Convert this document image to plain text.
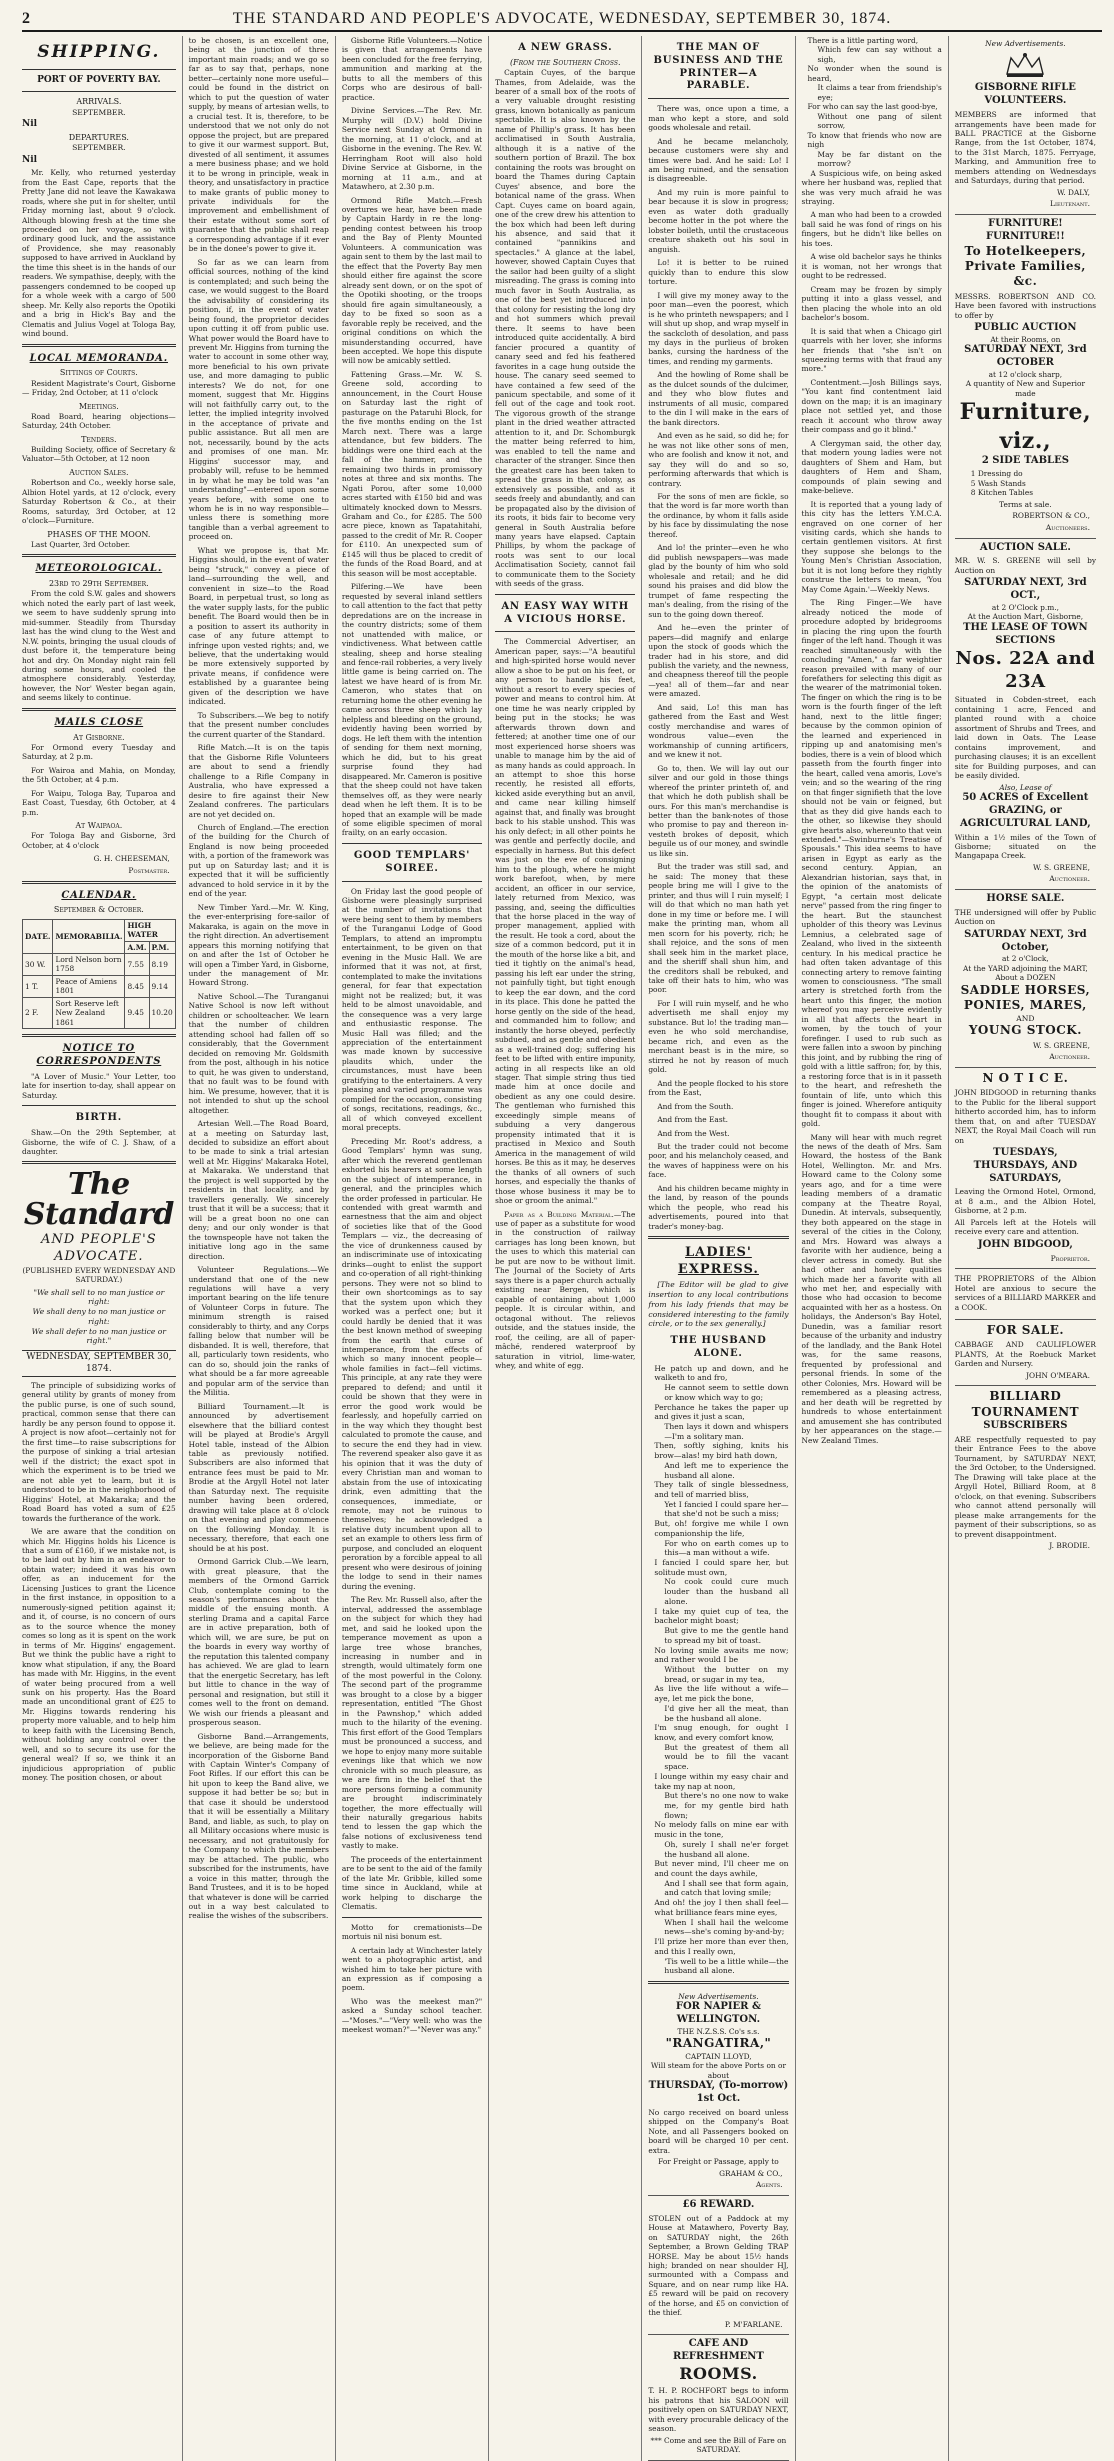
2	THE STANDARD AND PEOPLE'S ADVOCATE, WEDNESDAY, SEPTEMBER 30, 1874.
SHIPPING.
PORT OF POVERTY BAY.
ARRIVALS.
SEPTEMBER.
Nil
DEPARTURES.
SEPTEMBER.
Nil

Mr. Kelly, who returned yesterday from the East Cape, reports that the Pretty Jane did not leave the Kawakawa roads, where she put in for shelter, until Friday morning last, about 9 o'clock. Although blowing fresh at the time she proceeded on her voyage, so with ordinary good luck, and the assistance of Providence, she may reasonably supposed to have arrived in Auckland by the time this sheet is in the hands of our readers. We sympathise, deeply, with the passengers condemned to be cooped up for a whole week with a cargo of 500 sheep. Mr. Kelly also reports the Opotiki and a brig in Hick's Bay and the Clematis and Julius Vogel at Tologa Bay, wind bound.

LOCAL MEMORANDA.
Sittings of Courts.

Resident Magistrate's Court, Gisborne — Friday, 2nd October, at 11 o'clock

Meetings.

Road Board, hearing objections—Saturday, 24th October.

Tenders.

Building Society, office of Secretary & Valuator—5th October, at 12 noon

Auction Sales.

Robertson and Co., weekly horse sale, Albion Hotel yards, at 12 o'clock, every Saturday Robertson & Co., at their Rooms, saturday, 3rd October, at 12 o'clock—Furniture.

PHASES OF THE MOON.

Last Quarter, 3rd October.

METEOROLOGICAL.
23rd to 29th September.

From the cold S.W. gales and showers which noted the early part of last week, we seem to have suddenly sprung into mid-summer. Steadily from Thursday last has the wind clung to the West and N.W. points, bringing the usual clouds of dust before it, the temperature being hot and dry. On Monday night rain fell during some hours, and cooled the atmosphere considerably. Yesterday, however, the Nor' Wester began again, and seems likely to continue.

MAILS CLOSE
At Gisborne.

For Ormond every Tuesday and Saturday, at 2 p.m.

For Wairoa and Mahia, on Monday, the 5th October, at 4 p.m.

For Waipu, Tologa Bay, Tuparoa and East Coast, Tuesday, 6th October, at 4 p.m.

At Waipaoa.

For Tologa Bay and Gisborne, 3rd October, at 4 o'clock

G. H. CHEESEMAN,
Postmaster.
CALENDAR.
September & October.
DATE.	MEMORABILIA.	HIGH WATER	
		A.M.	P.M.
30 W.	Lord Nelson born 1758	7.55	8.19
1 T.	Peace of Amiens 1801	8.45	9.14
2 F.	Sort Reserve left New Zealand 1861	9.45	10.20
NOTICE TO CORRESPONDENTS

"A Lover of Music." Your Letter, too late for insertion to-day, shall appear on Saturday.

BIRTH.

Shaw.—On the 29th September, at Gisborne, the wife of C. J. Shaw, of a daughter.

The Standard
AND PEOPLE'S ADVOCATE.
(PUBLISHED EVERY WEDNESDAY AND SATURDAY.)
"We shall sell to no man justice or right:
We shall deny to no man justice or right:
We shall defer to no man justice or right."
WEDNESDAY, SEPTEMBER 30, 1874.

The principle of subsidizing works of general utility by grants of money from the public purse, is one of such sound, practical, common sense that there can hardly be any person found to oppose it. A project is now afoot—certainly not for the first time—to raise subscriptions for the purpose of sinking a trial artesian well if the district; the exact spot in which the experiment is to be tried we are not able yet to learn, but it is understood to be in the neighborhood of Higgins' Hotel, at Makaraka; and the Road Board has voted a sum of £25 towards the furtherance of the work.

We are aware that the condition on which Mr. Higgins holds his Licence is that a sum of £160, if we mistake not, is to be laid out by him in an endeavor to obtain water; indeed it was his own offer, as an inducement for the Licensing Justices to grant the Licence in the first instance, in opposition to a numerously-signed petition against it; and it, of course, is no concern of ours as to the source whence the money comes so long as it is spent on the work in terms of Mr. Higgins' engagement. But we think the public have a right to know what stipulation, if any, the Board has made with Mr. Higgins, in the event of water being procured from a well sunk on his property. Has the Board made an unconditional grant of £25 to Mr. Higgins towards rendering his property more valuable, and to help him to keep faith with the Licensing Bench, without holding any control over the well, and so to secure its use for the general weal? If so, we think it an injudicious appropriation of public money. The position chosen, or about

to be chosen, is an excellent one, being at the junction of three important main roads; and we go so far as to say that, perhaps, none better—certainly none more useful—could be found in the district on which to put the question of water supply, by means of artesian wells, to a crucial test. It is, therefore, to be understood that we not only do not oppose the project, but are prepared to give it our warmest support. But, divested of all sentiment, it assumes a mere business phase; and we hold it to be wrong in principle, weak in theory, and unsatisfactory in practice to make grants of public money to private individuals for the improvement and embellishment of their estate without some sort of guarantee that the public shall reap a corresponding advantage if it ever be in the donee's power to give it.

So far as we can learn from official sources, nothing of the kind is contemplated; and such being the case, we would suggest to the Board the advisability of considering its position, if, in the event of water being found, the proprietor decides upon cutting it off from public use. What power would the Board have to prevent Mr. Higgins from turning the water to account in some other way, more beneficial to his own private use, and more damaging to public interests? We do not, for one moment, suggest that Mr. Higgins will not faithfully carry out, to the letter, the implied integrity involved in the acceptance of private and public assistance. But all men are not, necessarily, bound by the acts and promises of one man. Mr. Higgins' successor may, and probably will, refuse to be hemmed in by what he may be told was "an understanding"—entered upon some years before, with some one to whom he is in no way responsible—unless there is something more tangible than a verbal agreement to proceed on.

What we propose is, that Mr. Higgins should, in the event of water being "struck," convey a piece of land—surrounding the well, and convenient in size—to the Road Board, in perpetual trust, so long as the water supply lasts, for the public benefit. The Board would then be in a position to assert its authority in case of any future attempt to infringe upon vested rights; and, we believe, that the undertaking would be more extensively supported by private means, if confidence were established by a guarantee being given of the description we have indicated.

To Subscribers.—We beg to notify that the present number concludes the current quarter of the Standard.

Rifle Match.—It is on the tapis that the Gisborne Rifle Volunteers are about to send a friendly challenge to a Rifle Company in Australia, who have expressed a desire to fire against their New Zealand confreres. The particulars are not yet decided on.

Church of England.—The erection of the building for the Church of England is now being proceeded with, a portion of the framework was put up on Saturday last; and it is expected that it will be sufficiently advanced to hold service in it by the end of the year.

New Timber Yard.—Mr. W. King, the ever-enterprising fore-sailor of Makaraka, is again on the move in the right direction. An advertisement appears this morning notifying that on and after the 1st of October he will open a Timber Yard, in Gisborne, under the management of Mr. Howard Strong.

Native School.—The Turanganui Native School is now left without children or schoolteacher. We learn that the number of children attending school had fallen off so considerably, that the Government decided on removing Mr. Goldsmith from the post, although in his notice to quit, he was given to understand, that no fault was to be found with him. We presume, however, that it is not intended to shut up the school altogether.

Artesian Well.—The Road Board, at a meeting on Saturday last, decided to subsidize an effort about to be made to sink a trial artesian well at Mr. Higgins' Makaraka Hotel, at Makaraka. We understand that the project is well supported by the residents in that locality, and by travellers generally. We sincerely trust that it will be a success; that it will be a great boon no one can deny; and our only wonder is that the townspeople have not taken the initiative long ago in the same direction.

Volunteer Regulations.—We understand that one of the new regulations will have a very important bearing on the life tenure of Volunteer Corps in future. The minimum strength is raised considerably to thirty, and any Corps falling below that number will be disbanded. It is well, therefore, that all, particularly town residents, who can do so, should join the ranks of what should be a far more agreeable and popular arm of the service than the Militia.

Billiard Tournament.—It is announced by advertisement elsewhere that the billiard contest will be played at Brodie's Argyll Hotel table, instead of the Albion table as previously notified. Subscribers are also informed that entrance fees must be paid to Mr. Brodie at the Argyll Hotel not later than Saturday next. The requisite number having been ordered, drawing will take place at 8 o'clock on that evening and play commence on the following Monday. It is necessary, therefore, that each one should be at his post.

Ormond Garrick Club.—We learn, with great pleasure, that the members of the Ormond Garrick Club, contemplate coming to the season's performances about the middle of the ensuing month. A sterling Drama and a capital Farce are in active preparation, both of which will, we are sure, be put on the boards in every way worthy of the reputation this talented company has achieved. We are glad to learn that the energetic Secretary, has left but little to chance in the way of personal and resignation, but still it comes well to the front on demand. We wish our friends a pleasant and prosperous season.

Gisborne Band.—Arrangements, we believe, are being made for the incorporation of the Gisborne Band with Captain Winter's Company of Foot Rifles. If our effort this can be hit upon to keep the Band alive, we suppose it had better be so; but in that case it should be understood that it will be essentially a Military Band, and liable, as such, to play on all Military occasions where music is necessary, and not gratuitously for the Company to which the members may be attached. The public, who subscribed for the instruments, have a voice in this matter, through the Band Trustees, and it is to be hoped that whatever is done will be carried out in a way best calculated to realise the wishes of the subscribers.

Gisborne Rifle Volunteers.—Notice is given that arrangements have been concluded for the free ferrying, ammunition and marking at the butts to all the members of this Corps who are desirous of ball-practice.

Divine Services.—The Rev. Mr. Murphy will (D.V.) hold Divine Service next Sunday at Ormond in the morning, at 11 o'clock, and at Gisborne in the evening. The Rev. W. Herringham Root will also hold Divine Service at Gisborne, in the morning at 11 a.m., and at Matawhero, at 2.30 p.m.

Ormond Rifle Match.—Fresh overtures we hear, have been made by Captain Hardy in re the long-pending contest between his troop and the Bay of Plenty Mounted Volunteers. A communication was again sent to them by the last mail to the effect that the Poverty Bay men should either fire against the score already sent down, or on the spot of the Opotiki shooting, or the troops should fire again simultaneously, a day to be fixed so soon as a favorable reply be received, and the original conditions on which the misunderstanding occurred, have been accepted. We hope this dispute will now be amicably settled.

Fattening Grass.—Mr. W. S. Greene sold, according to announcement, in the Court House on Saturday last the right of pasturage on the Pataruhi Block, for the five months ending on the 1st March next. There was a large attendance, but few bidders. The biddings were one third each at the fall of the hammer, and the remaining two thirds in promissory notes at three and six months. The Ngati Porou, after some 10,000 acres started with £150 bid and was ultimately knocked down to Messrs. Graham and Co., for £285. The 500 acre piece, known as Tapatahitahi, passed to the credit of Mr. R. Cooper for £110. An unexpected sum of £145 will thus be placed to credit of the funds of the Road Board, and at this season will be most acceptable.

Pilfering.—We have been requested by several inland settlers to call attention to the fact that petty depredations are on the increase in the country districts; some of them not unattended with malice, or vindictiveness. What between cattle stealing, sheep and horse stealing and fence-rail robberies, a very lively little game is being carried on. The latest we have heard of is from Mr. Cameron, who states that on returning home the other evening he came across three sheep which lay helpless and bleeding on the ground, evidently having been worried by dogs. He left them with the intention of sending for them next morning, which he did, but to his great surprise found they had disappeared. Mr. Cameron is positive that the sheep could not have taken themselves off, as they were nearly dead when he left them. It is to be hoped that an example will be made of some eligible specimen of moral frailty, on an early occasion.

GOOD TEMPLARS' SOIREE.

On Friday last the good people of Gisborne were pleasingly surprised at the number of invitations that were being sent to them by members of the Turanganui Lodge of Good Templars, to attend an impromptu entertainment, to be given on that evening in the Music Hall. We are informed that it was not, at first, contemplated to make the invitations general, for fear that expectation might not be realized; but, it was held to be almost unavoidable, and the consequence was a very large and enthusiastic response. The Music Hall was filled; and the appreciation of the entertainment was made known by successive plaudits which, under the circumstances, must have been gratifying to the entertainers. A very pleasing and varied programme was compiled for the occasion, consisting of songs, recitations, readings, &c., all of which conveyed excellent moral precepts.

Preceding Mr. Root's address, a Good Templars' hymn was sung, after which the reverend gentleman exhorted his hearers at some length on the subject of intemperance, in general, and the principles which the order professed in particular. He contended with great warmth and earnestness that the aim and object of societies like that of the Good Templars — viz., the decreasing of the vice of drunkenness caused by an indiscriminate use of intoxicating drinks—ought to enlist the support and co-operation of all right-thinking persons. They were not so blind to their own shortcomings as to say that the system upon which they worked was a perfect one; but it could hardly be denied that it was the best known method of sweeping from the earth that curse of intemperance, from the effects of which so many innocent people—whole families in fact—fell victims. This principle, at any rate they were prepared to defend; and until it could be shown that they were in error the good work would be fearlessly, and hopefully carried on in the way which they thought best calculated to promote the cause, and to secure the end they had in view. The reverend speaker also gave it as his opinion that it was the duty of every Christian man and woman to abstain from the use of intoxicating drink, even admitting that the consequences, immediate, or remote, may not be ruinous to themselves; he acknowledged a relative duty incumbent upon all to set an example to others less firm of purpose, and concluded an eloquent peroration by a forcible appeal to all present who were desirous of joining the lodge to send in their names during the evening.

The Rev. Mr. Russell also, after the interval, addressed the assemblage on the subject for which they had met, and said he looked upon the temperance movement as upon a large tree whose branches, increasing in number and in strength, would ultimately form one of the most powerful in the Colony. The second part of the programme was brought to a close by a bigger representation, entitled "The Ghost in the Pawnshop," which added much to the hilarity of the evening. This first effort of the Good Templars must be pronounced a success, and we hope to enjoy many more suitable evenings like that which we now chronicle with so much pleasure, as we are firm in the belief that the more persons forming a community are brought indiscriminately together, the more effectually will their naturally gregarious habits tend to lessen the gap which the false notions of exclusiveness tend vastly to make.

The proceeds of the entertainment are to be sent to the aid of the family of the late Mr. Gribble, killed some time since in Auckland, while at work helping to discharge the Clematis.

Motto for cremationists—De mortuis nil nisi bonum est.

A certain lady at Winchester lately went to a photographic artist, and wished him to take her picture with an expression as if composing a poem.

Who was the meekest man?" asked a Sunday school teacher.—"Moses."—"Very well: who was the meekest woman?"—"Never was any."

A NEW GRASS.
(From the Southern Cross.

Captain Cuyes, of the barque Thames, from Adelaide, was the bearer of a small box of the roots of a very valuable drought resisting grass, known botanically as panicum spectabile. It is also known by the name of Phillip's grass. It has been acclimatised in South Australia, although it is a native of the southern portion of Brazil. The box containing the roots was brought on board the Thames during Captain Cuyes' absence, and bore the botanical name of the grass. When Capt. Cuyes came on board again, one of the crew drew his attention to the box which had been left during his absence, and said that it contained "pannikins and spectacles." A glance at the label, however, showed Captain Cuyes that the sailor had been guilty of a slight misreading. The grass is coming into much favor in South Australia, as one of the best yet introduced into that colony for resisting the long dry and hot summers which prevail there. It seems to have been introduced quite accidentally. A bird fancier procured a quantity of canary seed and fed his feathered favorites in a cage hung outside the house. The canary seed seemed to have contained a few seed of the panicum spectabile, and some of it fell out of the cage and took root. The vigorous growth of the strange plant in the dried weather attracted attention to it, and Dr. Schomburgk the matter being referred to him, was enabled to tell the name and character of the stranger. Since then the greatest care has been taken to spread the grass in that colony, as extensively as possible, and as it seeds freely and abundantly, and can be propagated also by the division of its roots, it bids fair to become very general in South Australia before many years have elapsed. Captain Phillips, by whom the package of roots was sent to our local Acclimatisation Society, cannot fail to communicate them to the Society with seeds of the grass.

AN EASY WAY WITH A VICIOUS HORSE.

The Commercial Advertiser, an American paper, says:—"A beautiful and high-spirited horse would never allow a shoe to be put on his feet, or any person to handle his feet, without a resort to every species of power and means to control him. At one time he was nearly crippled by being put in the stocks; he was afterwards thrown down and fettered; at another time one of our most experienced horse shoers was unable to manage him by the aid of as many hands as could approach. In an attempt to shoe this horse recently, he resisted all efforts, kicked aside everything but an anvil, and came near killing himself against that, and finally was brought back to his stable unshod. This was his only defect; in all other points he was gentle and perfectly docile, and especially in harness. But this defect was just on the eve of consigning him to the plough, where he might work barefoot, when, by mere accident, an officer in our service, lately returned from Mexico, was passing, and, seeing the difficulties that the horse placed in the way of proper management, applied with the result. He took a cord, about the size of a common bedcord, put it in the mouth of the horse like a bit, and tied it tightly on the animal's head, passing his left ear under the string, not painfully tight, but tight enough to keep the ear down, and the cord in its place. This done he patted the horse gently on the side of the head, and commanded him to follow; and instantly the horse obeyed, perfectly subdued, and as gentle and obedient as a well-trained dog; suffering his feet to be lifted with entire impunity, acting in all respects like an old stager. That simple string thus tied made him at once docile and obedient as any one could desire. The gentleman who furnished this exceedingly simple means of subduing a very dangerous propensity intimated that it is practised in Mexico and South America in the management of wild horses. Be this as it may, he deserves the thanks of all owners of such horses, and especially the thanks of those whose business it may be to shoe or groom the animal."

Paper as a Building Material.—The use of paper as a substitute for wood in the construction of railway carriages has long been known, but the uses to which this material can be put are now to be without limit. The Journal of the Society of Arts says there is a paper church actually existing near Bergen, which is capable of containing about 1,000 people. It is circular within, and octagonal without. The relievos outside, and the statues inside, the roof, the ceiling, are all of paper-mâché, rendered waterproof by saturation in vitriol, lime-water, whey, and white of egg.

THE MAN OF BUSINESS AND THE PRINTER—A PARABLE.

There was, once upon a time, a man who kept a store, and sold goods wholesale and retail.

And he became melancholy, because customers were shy and times were bad. And he said: Lo! I am being ruined, and the sensation is disagreeable.

And my ruin is more painful to bear because it is slow in progress; even as water doth gradually become hotter in the pot where the lobster boileth, until the crustaceous creature shaketh out his soul in anguish.

Lo! it is better to be ruined quickly than to endure this slow torture.

I will give my money away to the poor man—even the poorest, which is he who printeth newspapers; and I will shut up shop, and wrap myself in the sackcloth of desolation, and pass my days in the purlieus of broken banks, cursing the hardness of the times, and rending my garments.

And the howling of Rome shall be as the dulcet sounds of the dulcimer, and they who blow flutes and instruments of all music, compared to the din I will make in the ears of the bank directors.

And even as he said, so did he; for he was not like other sons of men, who are foolish and know it not, and say they will do and so so, performing afterwards that which is contrary.

For the sons of men are fickle, so that the word is far more worth than the ordinance, by whom it falls aside by his face by dissimulating the nose thereof.

And lo! the printer—even he who did publish newspapers—was made glad by the bounty of him who sold wholesale and retail; and he did sound his praises and did blow the trumpet of fame respecting the man's dealing, from the rising of the sun to the going down thereof.

And he—even the printer of papers—did magnify and enlarge upon the stock of goods which the trader had in his store, and did publish the variety, and the newness, and cheapness thereof till the people—yea! all of them—far and near were amazed.

And said, Lo! this man has gathered from the East and West costly merchandise and wares of wondrous value—even the workmanship of cunning artificers, and we knew it not.

Go to, then. We will lay out our silver and our gold in those things whereof the printer printeth of, and that which he doth publish shall be ours. For this man's merchandise is better than the bank-notes of those who promise to pay and thereon in-vesteth brokes of deposit, which beguile us of our money, and swindle us like sin.

But the trader was still sad, and he said: The money that these people bring me will I give to the printer, and thus will I ruin myself; I will do that which no man hath yet done in my time or before me. I will make the printing man, whom all men scorn for his poverty, rich; he shall rejoice, and the sons of men shall seek him in the market place, and the sheriff shall shun him, and the creditors shall be rebuked, and take off their hats to him, who was poor.

For I will ruin myself, and he who advertiseth me shall enjoy my substance. But lo! the trading man—even he who sold merchandise, became rich, and even as the merchant beast is in the mire, so stirred he not by reason of much gold.

And the people flocked to his store from the East,

And from the South.

And from the East.

And from the West.

But the trader could not become poor, and his melancholy ceased, and the waves of happiness were on his face.

And his children became mighty in the land, by reason of the pounds which the people, who read his advertisements, poured into that trader's money-bag.

LADIES' EXPRESS.

[The Editor will be glad to give insertion to any local contributions from his lady friends that may be considered interesting to the family circle, or to the sex generally.]

THE HUSBAND ALONE.
He patch up and down, and he walketh to and fro,
He cannot seem to settle down or know which way to go;
Perchance he takes the paper up and gives it just a scan,
Then lays it down and whispers—I'm a solitary man.
Then, softly sighing, knits his brow—alas! my bird hath down,
And left me to experience the husband all alone.
They talk of single blessedness, and tell of married bliss,
Yet I fancied I could spare her—that she'd not be such a miss;
But, oh! forgive me while I own companionship the life,
For who on earth comes up to this—a man without a wife.
I fancied I could spare her, but solitude must own,
No cook could cure much louder than the husband all alone.
I take my quiet cup of tea, the bachelor might boast;
But give to me the gentle hand to spread my bit of toast.
No loving smile awaits me now; and rather would I be
Without the butter on my bread, or sugar in my tea,
As live the life without a wife—aye, let me pick the bone,
I'd give her all the meat, than be the husband all alone.
I'm snug enough, for ought I know, and every comfort know,
But the greatest of them all would be to fill the vacant space.
I lounge within my easy chair and take my nap at noon,
But there's no one now to wake me, for my gentle bird hath flown;
No melody falls on mine ear with music in the tone,
Oh, surely I shall ne'er forget the husband all alone.
But never mind, I'll cheer me on and count the days awhile,
And I shall see that form again, and catch that loving smile;
And oh! the joy I then shall feel—what brilliance fears mine eyes,
When I shall hail the welcome news—she's coming by-and-by;
I'll prize her more than ever then, and this I really own,
'Tis well to be a little while—the husband all alone.
New Advertisements.
FOR NAPIER & WELLINGTON.
THE N.Z.S.S. Co's s.s.
"RANGATIRA,"
CAPTAIN LLOYD,
Will steam for the above Ports on or about
THURSDAY, (To-morrow) 1st Oct.

No cargo received on board unless shipped on the Company's Boat Note, and all Passengers booked on board will be charged 10 per cent. extra.

For Freight or Passage, apply to
GRAHAM & CO.,
Agents.
£6 REWARD.

STOLEN out of a Paddock at my House at Matawhero, Poverty Bay, on SATURDAY night, the 26th September, a Brown Gelding TRAP HORSE. May be about 15½ hands high; branded on near shoulder HJ, surmounted with a Compass and Square, and on near rump like HA. £5 reward will be paid on recovery of the horse, and £5 on conviction of the thief.

P. M'FARLANE.
CAFE AND REFRESHMENT
ROOMS.

T. H. P. ROCHFORT begs to inform his patrons that his SALOON will positively open on SATURDAY NEXT, with every procurable delicacy of the season.

*** Come and see the Bill of Fare on SATURDAY.
There is a little parting word,
Which few can say without a sigh,
No wonder when the sound is heard,
It claims a tear from friendship's eye;
For who can say the last good-bye,
Without one pang of silent sorrow,
To know that friends who now are nigh
May be far distant on the morrow?

A Suspicious wife, on being asked where her husband was, replied that she was very much afraid he was straying.

A man who had been to a crowded ball said he was fond of rings on his fingers, but he didn't like belles on his toes.

A wise old bachelor says he thinks it is woman, not her wrongs that ought to be redressed.

Cream may be frozen by simply putting it into a glass vessel, and then placing the whole into an old bachelor's bosom.

It is said that when a Chicago girl quarrels with her lover, she informs her friends that "she isn't on squeezing terms with that fraud any more."

Contentment.—Josh Billings says, "You kant find contentment laid down on the map; it is an imaginary place not settled yet, and those reach it account who throw away their compass and go it blind."

A Clergyman said, the other day, that modern young ladies were not daughters of Shem and Ham, but daughters of Hem and Sham, compounds of plain sewing and make-believe.

It is reported that a young lady of this city has the letters Y.M.C.A. engraved on one corner of her visiting cards, which she hands to certain gentlemen visitors. At first they suppose she belongs to the Young Men's Christian Association, but it is not long before they rightly construe the letters to mean, 'You May Come Again.'—Weekly News.

The Ring Finger.—We have already noticed the mode of procedure adopted by bridegrooms in placing the ring upon the fourth finger of the left hand. Though it was reached simultaneously with the concluding "Amen," a far weightier reason prevailed with many of our forefathers for selecting this digit as the wearer of the matrimonial token. The finger on which the ring is to be worn is the fourth finger of the left hand, next to the little finger; because by the common opinion of the learned and experienced in ripping up and anatomising men's bodies, there is a vein of blood which passeth from the fourth finger into the heart, called vena amoris, Love's vein; and so the wearing of the ring on that finger signifieth that the love should not be vain or feigned, but that as they did give hands each to the other, so likewise they should give hearts also, whereunto that vein extended."—Swinburne's Treatise of Spousals." This idea seems to have arisen in Egypt as early as the second century. Appian, an Alexandrian historian, says that, in the opinion of the anatomists of Egypt, "a certain most delicate nerve" passed from the ring finger to the heart. But the staunchest upholder of this theory was Levinus Lemnius, a celebrated sage of Zealand, who lived in the sixteenth century. In his medical practice he had often taken advantage of this connecting artery to remove fainting women to consciousness. "The small artery is stretched forth from the heart unto this finger, the motion whereof you may perceive evidently in all that affects the heart in women, by the touch of your forefinger. I used to rub such as were fallen into a swoon by pinching this joint, and by rubbing the ring of gold with a little saffron; for, by this, a restoring force that is in it passeth to the heart, and refresheth the fountain of life, unto which this finger is joined. Wherefore antiquity thought fit to compass it about with gold.

Many will hear with much regret the news of the death of Mrs. Sam Howard, the hostess of the Bank Hotel, Wellington. Mr. and Mrs. Howard came to the Colony some years ago, and for a time were leading members of a dramatic company at the Theatre Royal, Dunedin. At intervals, subsequently, they both appeared on the stage in several of the cities in the Colony, and Mrs. Howard was always a favorite with her audience, being a clever actress in comedy. But she had other and homely qualities which made her a favorite with all who met her, and especially with those who had occasion to become acquainted with her as a hostess. On holidays, the Anderson's Bay Hotel, Dunedin, was a familiar resort because of the urbanity and industry of the landlady, and the Bank Hotel was, for the same reasons, frequented by professional and personal friends. In some of the other Colonies, Mrs. Howard will be remembered as a pleasing actress, and her death will be regretted by hundreds to whose entertainment and amusement she has contributed by her appearances on the stage.—New Zealand Times.

New Advertisements.
GISBORNE RIFLE VOLUNTEERS.

MEMBERS are informed that arrangements have been made for BALL PRACTICE at the Gisborne Range, from the 1st October, 1874, to the 31st March, 1875. Ferryage, Marking, and Ammunition free to members attending on Wednesdays and Saturdays, during that period.

W. DALY,
Lieutenant.
FURNITURE! FURNITURE!!
To Hotelkeepers, Private Families, &c.

MESSRS. ROBERTSON AND CO. Have been favored with instructions to offer by

PUBLIC AUCTION
At their Rooms, on
SATURDAY NEXT, 3rd OCTOBER
at 12 o'clock sharp,
A quantity of New and Superior made
Furniture, viz.,
2 SIDE TABLES
1 Dressing do
5 Wash Stands
8 Kitchen Tables
Terms at sale.
ROBERTSON & CO.,
Auctioneers.
AUCTION SALE.

MR. W. S. GREENE will sell by Auction on

SATURDAY NEXT, 3rd OCT.,
at 2 O'Clock p.m.,
At the Auction Mart, Gisborne,
THE LEASE OF TOWN SECTIONS
Nos. 22A and 23A

Situated in Cobden-street, each containing 1 acre, Fenced and planted round with a choice assortment of Shrubs and Trees, and laid down in Oats. The Lease contains improvement, and purchasing clauses; it is an excellent site for Building purposes, and can be easily divided.

Also, Lease of
50 ACRES of Excellent GRAZING, or AGRICULTURAL LAND,

Within a 1½ miles of the Town of Gisborne; situated on the Mangapapa Creek.

W. S. GREENE,
Auctioneer.
HORSE SALE.

THE undersigned will offer by Public Auction on

SATURDAY NEXT, 3rd October,
at 2 o'Clock,
At the YARD adjoining the MART,
About a DOZEN
SADDLE HORSES, PONIES, MARES,
AND
YOUNG STOCK.
W. S. GREENE,
Auctioneer.
N O T I C E.

JOHN BIDGOOD in returning thanks to the Public for the liberal support hitherto accorded him, has to inform them that, on and after TUESDAY NEXT, the Royal Mail Coach will run on

TUESDAYS, THURSDAYS, AND SATURDAYS,

Leaving the Ormond Hotel, Ormond, at 8 a.m., and the Albion Hotel, Gisborne, at 2 p.m.

All Parcels left at the Hotels will receive every care and attention.

JOHN BIDGOOD,
Proprietor.

THE PROPRIETORS of the Albion Hotel are anxious to secure the services of a BILLIARD MARKER and a COOK.

FOR SALE.

CABBAGE AND CAULIFLOWER PLANTS, At the Roebuck Market Garden and Nursery.

JOHN O'MEARA.
BILLIARD TOURNAMENT
SUBSCRIBERS

ARE respectfully requested to pay their Entrance Fees to the above Tournament, by SATURDAY NEXT, the 3rd October, to the Undersigned. The Drawing will take place at the Argyll Hotel, Billiard Room, at 8 o'clock, on that evening. Subscribers who cannot attend personally will please make arrangements for the payment of their subscriptions, so as to prevent disappointment.

J. BRODIE.
